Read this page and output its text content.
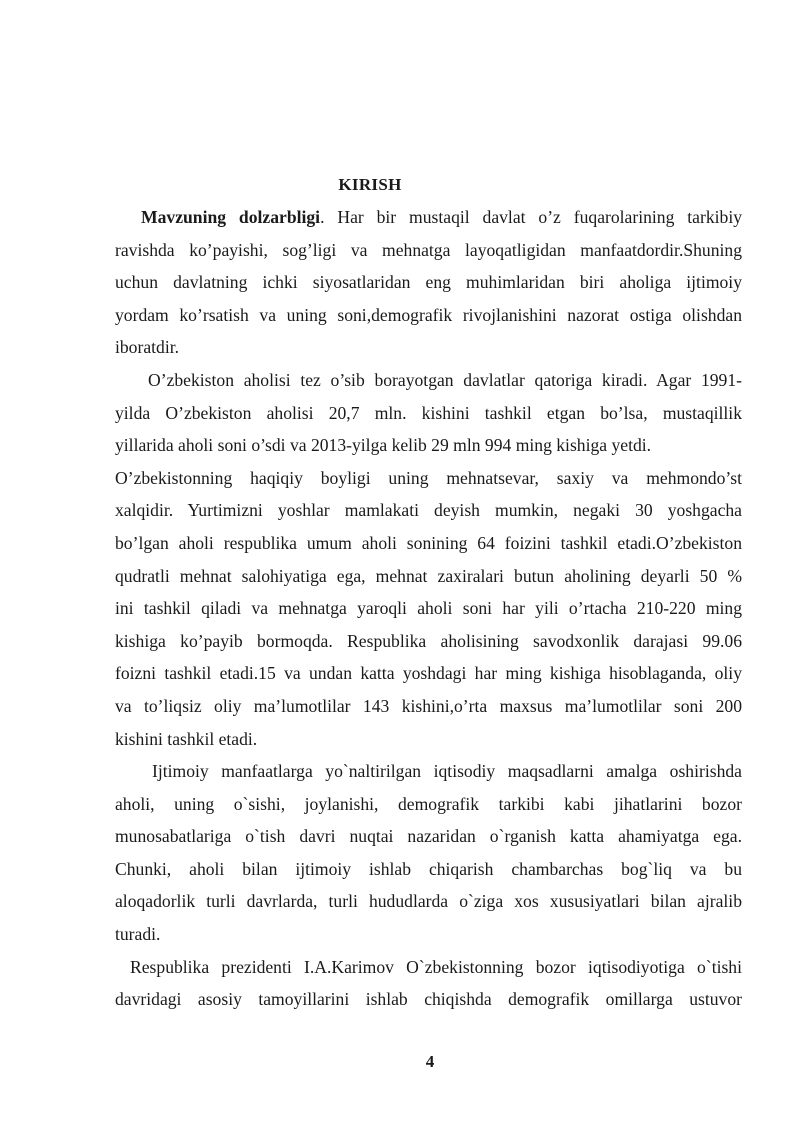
KIRISH
Mavzuning dolzarbligi. Har bir mustaqil davlat o’z fuqarolarining tarkibiy
ravishda ko’payishi, sog’ligi va mehnatga layoqatligidan manfaatdordir.Shuning
uchun davlatning ichki siyosatlaridan eng muhimlaridan biri aholiga ijtimoiy
yordam ko’rsatish va uning soni,demografik rivojlanishini nazorat ostiga olishdan
iboratdir.
O’zbekiston aholisi tez o’sib borayotgan davlatlar qatoriga kiradi. Agar 1991-
yilda O’zbekiston aholisi 20,7 mln. kishini tashkil etgan bo’lsa, mustaqillik
yillarida aholi soni o’sdi va 2013-yilga kelib 29 mln 994 ming kishiga yetdi.
O’zbekistonning haqiqiy boyligi uning mehnatsevar, saxiy va mehmondo’st
xalqidir. Yurtimizni yoshlar mamlakati deyish mumkin, negaki 30 yoshgacha
bo’lgan aholi respublika umum aholi sonining 64 foizini tashkil etadi.O’zbekiston
qudratli mehnat salohiyatiga ega, mehnat zaxiralari butun aholining deyarli 50 %
ini tashkil qiladi va mehnatga yaroqli aholi soni har yili o’rtacha 210-220 ming
kishiga ko’payib bormoqda. Respublika aholisining savodxonlik darajasi 99.06
foizni tashkil etadi.15 va undan katta yoshdagi har ming kishiga hisoblaganda, oliy
va to’liqsiz oliy ma’lumotlilar 143 kishini,o’rta maxsus ma’lumotlilar soni 200
kishini tashkil etadi.
Ijtimoiy manfaatlarga yo`naltirilgan iqtisodiy maqsadlarni amalga oshirishda
aholi, uning o`sishi, joylanishi, demografik tarkibi kabi jihatlarini bozor
munosabatlariga o`tish davri nuqtai nazaridan o`rganish katta ahamiyatga ega.
Chunki, aholi bilan ijtimoiy ishlab chiqarish chambarchas bog`liq va bu
aloqadorlik turli davrlarda, turli hududlarda o`ziga xos xususiyatlari bilan ajralib
turadi.
Respublika prezidenti I.A.Karimov O`zbekistonning bozor iqtisodiyotiga o`tishi
davridagi asosiy tamoyillarini ishlab chiqishda demografik omillarga ustuvor
4
